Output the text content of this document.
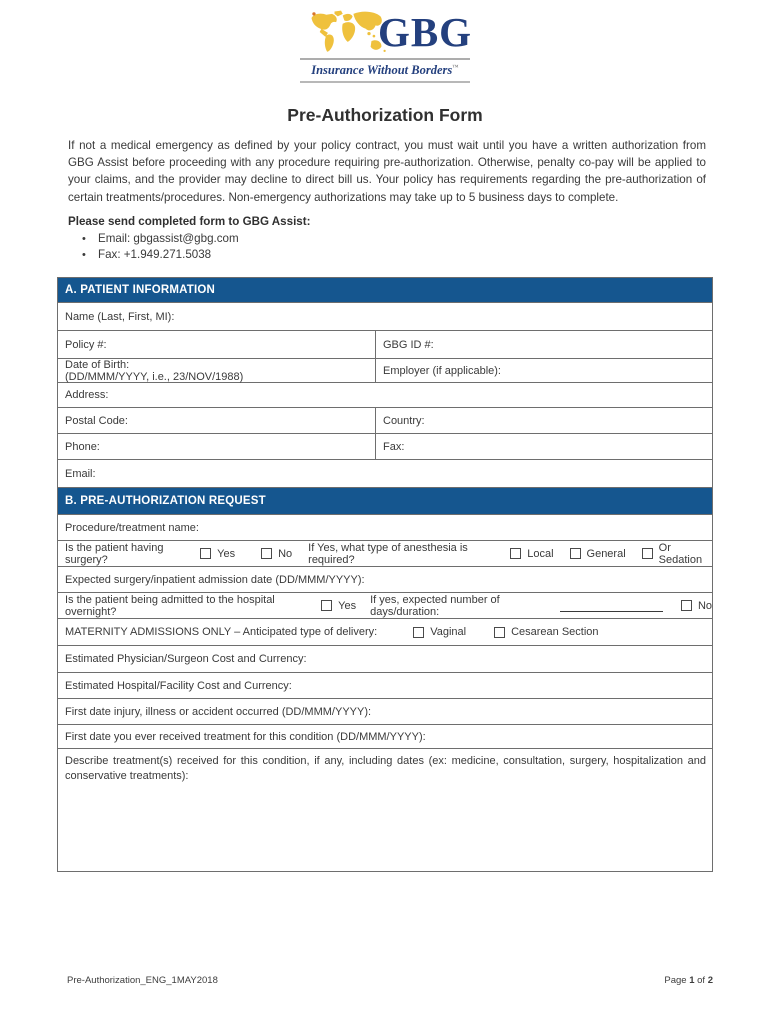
GBG
Insurance Without Borders™
Pre-Authorization Form

If not a medical emergency as defined by your policy contract, you must wait until you have a written authorization from GBG Assist before proceeding with any procedure requiring pre-authorization. Otherwise, penalty co-pay will be applied to your claims, and the provider may decline to direct bill us. Your policy has requirements regarding the pre-authorization of certain treatments/procedures. Non-emergency authorizations may take up to 5 business days to complete.

Please send completed form to GBG Assist:
• Email: gbgassist@gbg.com
• Fax: +1.949.271.5038
A. PATIENT INFORMATION
Name (Last, First, MI):
Policy #:	GBG ID #:
Date of Birth:
(DD/MMM/YYYY, i.e., 23/NOV/1988)	Employer (if applicable):
Address:
Postal Code:	Country:
Phone:	Fax:
Email:
B. PRE-AUTHORIZATION REQUEST
Procedure/treatment name:
Is the patient having surgery?	Yes	No If Yes, what type of anesthesia is required?	Local	General	Or Sedation
Expected surgery/inpatient admission date (DD/MMM/YYYY):
Is the patient being admitted to the hospital overnight?	Yes If yes, expected number of days/duration:	No
MATERNITY ADMISSIONS ONLY – Anticipated type of delivery:	Vaginal	Cesarean Section
Estimated Physician/Surgeon Cost and Currency:
Estimated Hospital/Facility Cost and Currency:
First date injury, illness or accident occurred (DD/MMM/YYYY):
First date you ever received treatment for this condition (DD/MMM/YYYY):
Describe treatment(s) received for this condition, if any, including dates (ex: medicine, consultation, surgery, hospitalization and conservative treatments):
Pre-Authorization_ENG_1MAY2018	Page 1 of 2
